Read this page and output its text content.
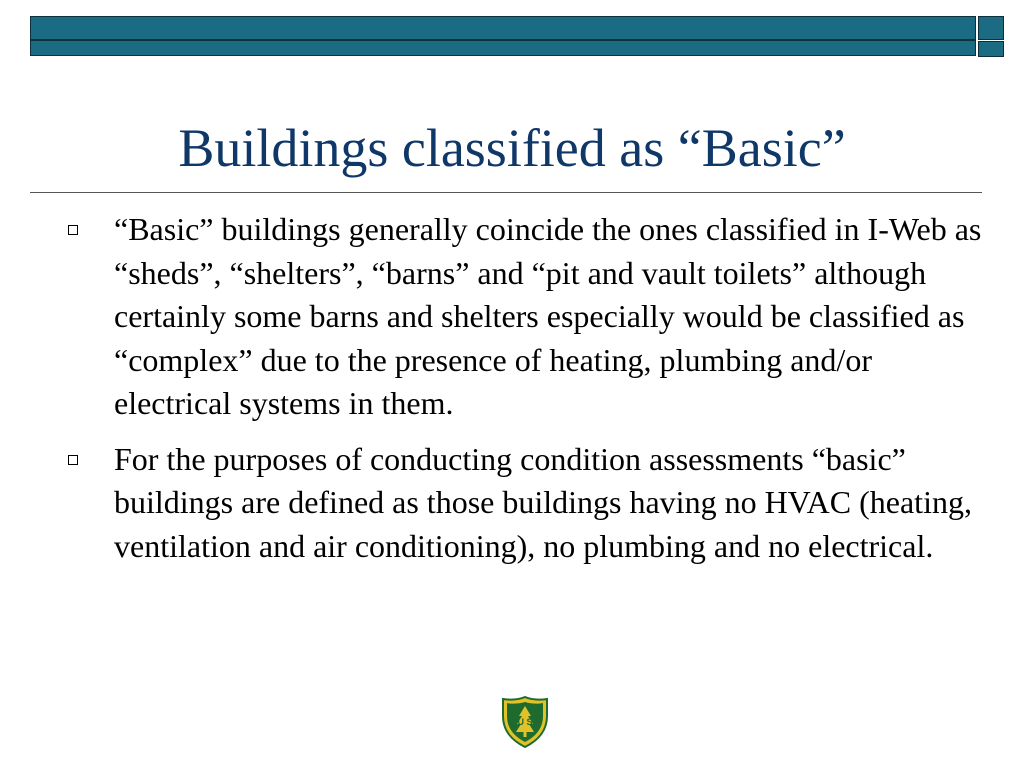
Buildings classified as “Basic”
“Basic” buildings generally coincide the ones classified in I-Web as “sheds”, “shelters”, “barns” and “pit and vault toilets” although certainly some barns and shelters especially would be classified as “complex” due to the presence of heating, plumbing and/or electrical systems in them.
For the purposes of conducting condition assessments “basic” buildings are defined as those buildings having no HVAC (heating, ventilation and air conditioning), no plumbing and no electrical.
U S
